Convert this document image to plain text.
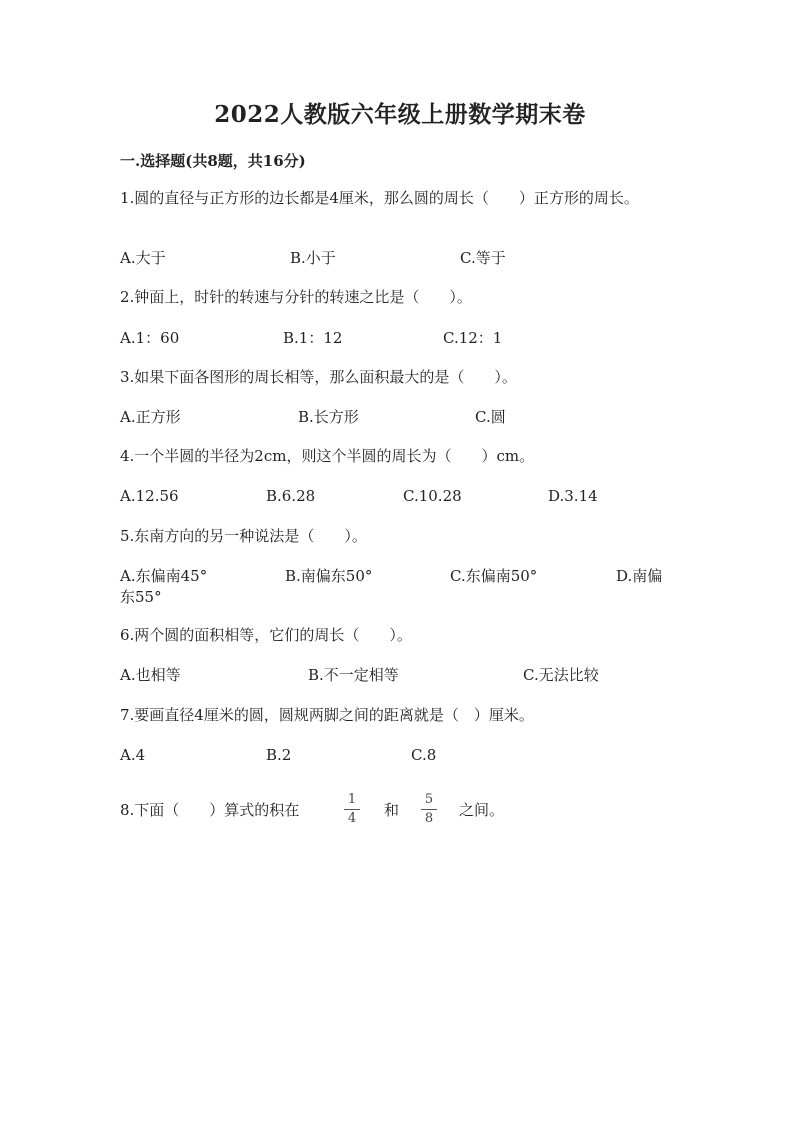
2022人教版六年级上册数学期末卷
一.选择题(共8题，共16分)
1.圆的直径与正方形的边长都是4厘米，那么圆的周长（　　）正方形的周长。
A.大于	B.小于	C.等于
2.钟面上，时针的转速与分针的转速之比是（　　）。
A.1：60	B.1：12	C.12：1
3.如果下面各图形的周长相等，那么面积最大的是（　　）。
A.正方形	B.长方形	C.圆
4.一个半圆的半径为2cm，则这个半圆的周长为（　　）cm。
A.12.56	B.6.28	C.10.28	D.3.14
5.东南方向的另一种说法是（　　）。
A.东偏南45°	B.南偏东50°	C.东偏南50°	D.南偏
东55°
6.两个圆的面积相等，它们的周长（　　）。
A.也相等	B.不一定相等	C.无法比较
7.要画直径4厘米的圆，圆规两脚之间的距离就是（　）厘米。
A.4	B.2	C.8
8.下面（　　）算式的积在
1
4 和
5
8 之间。
